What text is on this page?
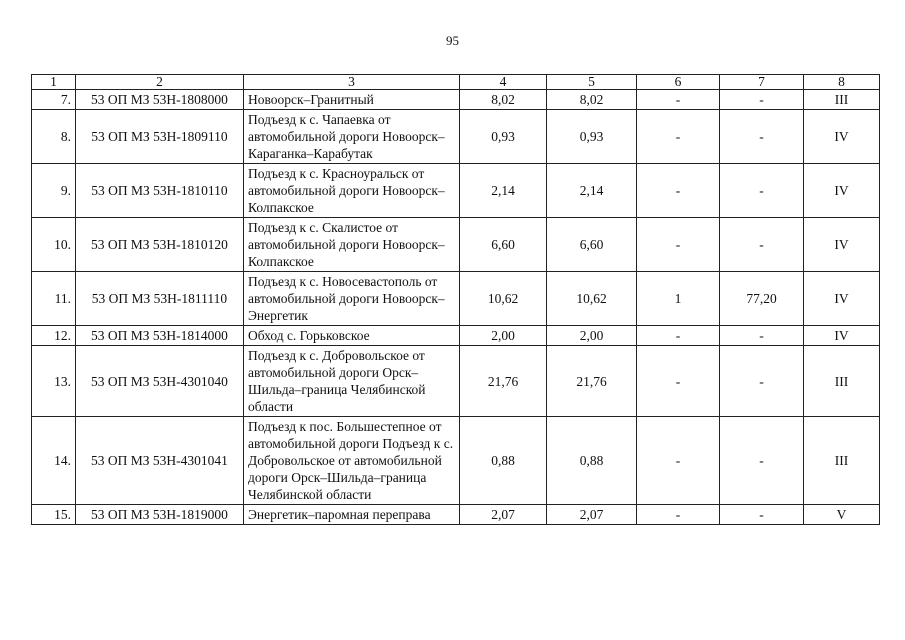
95
1	2	3	4	5	6	7	8
7.	53 ОП МЗ 53Н-1808000	Новоорск–Гранитный	8,02	8,02	-	-	III
8.	53 ОП МЗ 53Н-1809110	Подъезд к с. Чапаевка от автомобильной дороги Новоорск–Караганка–Карабутак	0,93	0,93	-	-	IV
9.	53 ОП МЗ 53Н-1810110	Подъезд к с. Красноуральск от автомобильной дороги Новоорск–Колпакское	2,14	2,14	-	-	IV
10.	53 ОП МЗ 53Н-1810120	Подъезд к с. Скалистое от автомобильной дороги Новоорск–Колпакское	6,60	6,60	-	-	IV
11.	53 ОП МЗ 53Н-1811110	Подъезд к с. Новосевастополь от автомобильной дороги Новоорск–Энергетик	10,62	10,62	1	77,20	IV
12.	53 ОП МЗ 53Н-1814000	Обход с. Горьковское	2,00	2,00	-	-	IV
13.	53 ОП МЗ 53Н-4301040	Подъезд к с. Добровольское от автомобильной дороги Орск–Шильда–граница Челябинской области	21,76	21,76	-	-	III
14.	53 ОП МЗ 53Н-4301041	Подъезд к пос. Большестепное от автомобильной дороги Подъезд к с. Добровольское от автомобильной дороги Орск–Шильда–граница Челябинской области	0,88	0,88	-	-	III
15.	53 ОП МЗ 53Н-1819000	Энергетик–паромная переправа	2,07	2,07	-	-	V
